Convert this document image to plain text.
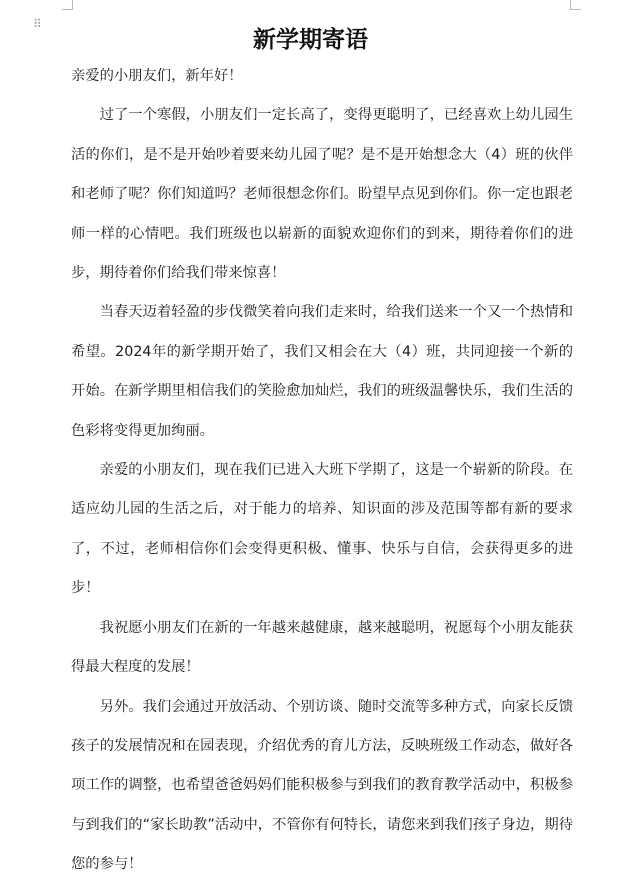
⠿
新学期寄语

亲爱的小朋友们，新年好！

过了一个寒假，小朋友们一定长高了，变得更聪明了，已经喜欢上幼儿园生活的你们，是不是开始吵着要来幼儿园了呢？是不是开始想念大（4）班的伙伴和老师了呢？你们知道吗？老师很想念你们。盼望早点见到你们。你一定也跟老师一样的心情吧。我们班级也以崭新的面貌欢迎你们的到来，期待着你们的进步，期待着你们给我们带来惊喜！

当春天迈着轻盈的步伐微笑着向我们走来时，给我们送来一个又一个热情和希望。2024年的新学期开始了，我们又相会在大（4）班，共同迎接一个新的开始。在新学期里相信我们的笑脸愈加灿烂，我们的班级温馨快乐，我们生活的色彩将变得更加绚丽。

亲爱的小朋友们，现在我们已进入大班下学期了，这是一个崭新的阶段。在适应幼儿园的生活之后，对于能力的培养、知识面的涉及范围等都有新的要求了，不过，老师相信你们会变得更积极、懂事、快乐与自信，会获得更多的进步！

我祝愿小朋友们在新的一年越来越健康，越来越聪明，祝愿每个小朋友能获得最大程度的发展！

另外。我们会通过开放活动、个别访谈、随时交流等多种方式，向家长反馈孩子的发展情况和在园表现，介绍优秀的育儿方法，反映班级工作动态，做好各项工作的调整，也希望爸爸妈妈们能积极参与到我们的教育教学活动中，积极参与到我们的“家长助教”活动中，不管你有何特长，请您来到我们孩子身边，期待您的参与！
